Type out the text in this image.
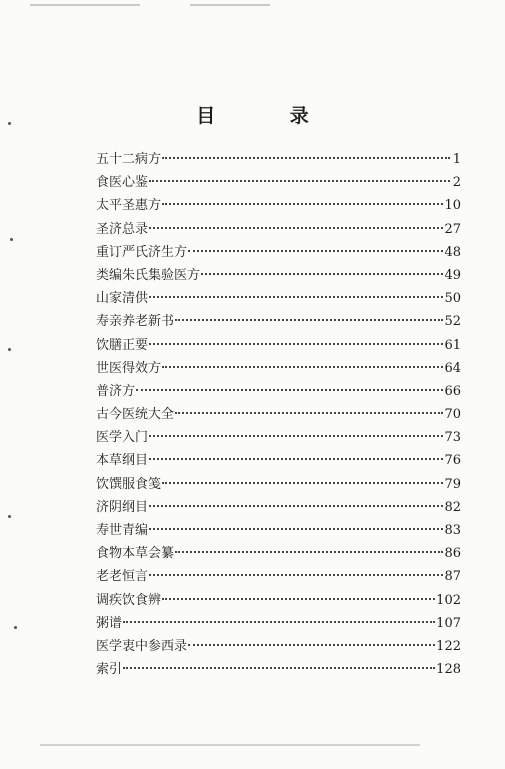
目 录
五十二病方	1
食医心鉴	2
太平圣惠方	10
圣济总录	27
重订严氏济生方	48
类编朱氏集验医方	49
山家清供	50
寿亲养老新书	52
饮膳正要	61
世医得效方	64
普济方	66
古今医统大全	70
医学入门	73
本草纲目	76
饮馔服食笺	79
济阴纲目	82
寿世青编	83
食物本草会纂	86
老老恒言	87
调疾饮食辨	102
粥谱	107
医学衷中参西录	122
索引	128
